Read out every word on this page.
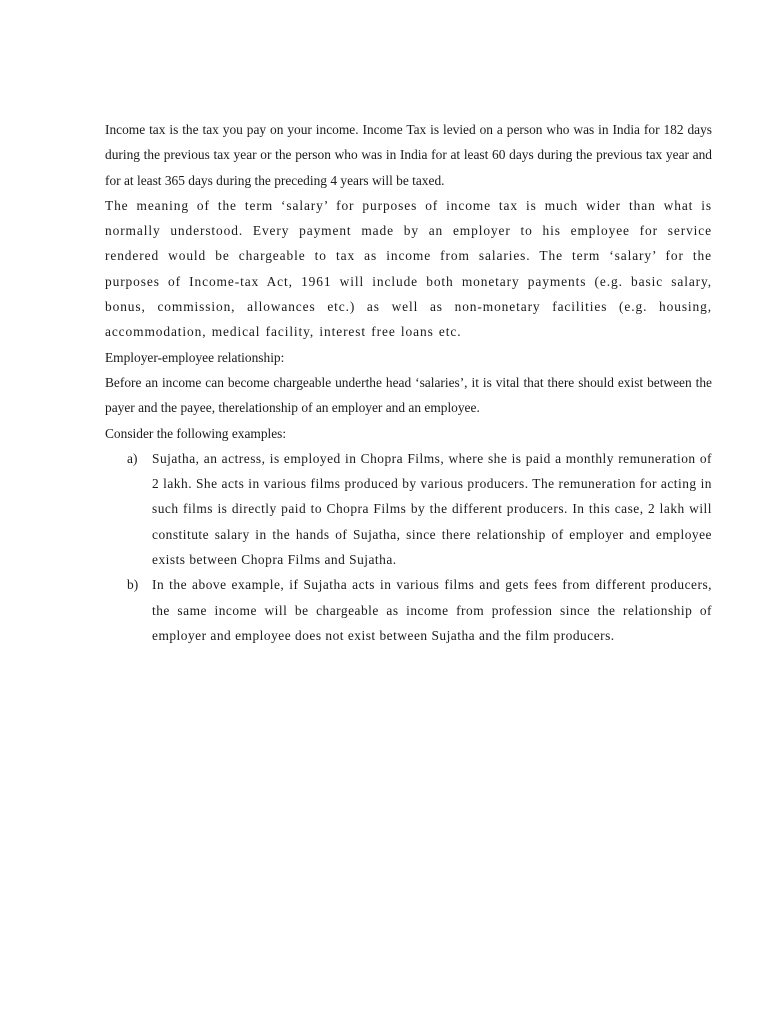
Income tax is the tax you pay on your income. Income Tax is levied on a person who was in India for 182 days during the previous tax year or the person who was in India for at least 60 days during the previous tax year and for at least 365 days during the preceding 4 years will be taxed.

The meaning of the term ‘salary’ for purposes of income tax is much wider than what is normally understood. Every payment made by an employer to his employee for service rendered would be chargeable to tax as income from salaries. The term ‘salary’ for the purposes of Income-tax Act, 1961 will include both monetary payments (e.g. basic salary, bonus, commission, allowances etc.) as well as non-monetary facilities (e.g. housing, accommodation, medical facility, interest free loans etc.

Employer-employee relationship:

Before an income can become chargeable underthe head ‘salaries’, it is vital that there should exist between the payer and the payee, therelationship of an employer and an employee.

Consider the following examples:

a) Sujatha, an actress, is employed in Chopra Films, where she is paid a monthly remuneration of 2 lakh. She acts in various films produced by various producers. The remuneration for acting in such films is directly paid to Chopra Films by the different producers. In this case, 2 lakh will constitute salary in the hands of Sujatha, since there relationship of employer and employee exists between Chopra Films and Sujatha.
b) In the above example, if Sujatha acts in various films and gets fees from different producers, the same income will be chargeable as income from profession since the relationship of employer and employee does not exist between Sujatha and the film producers.
